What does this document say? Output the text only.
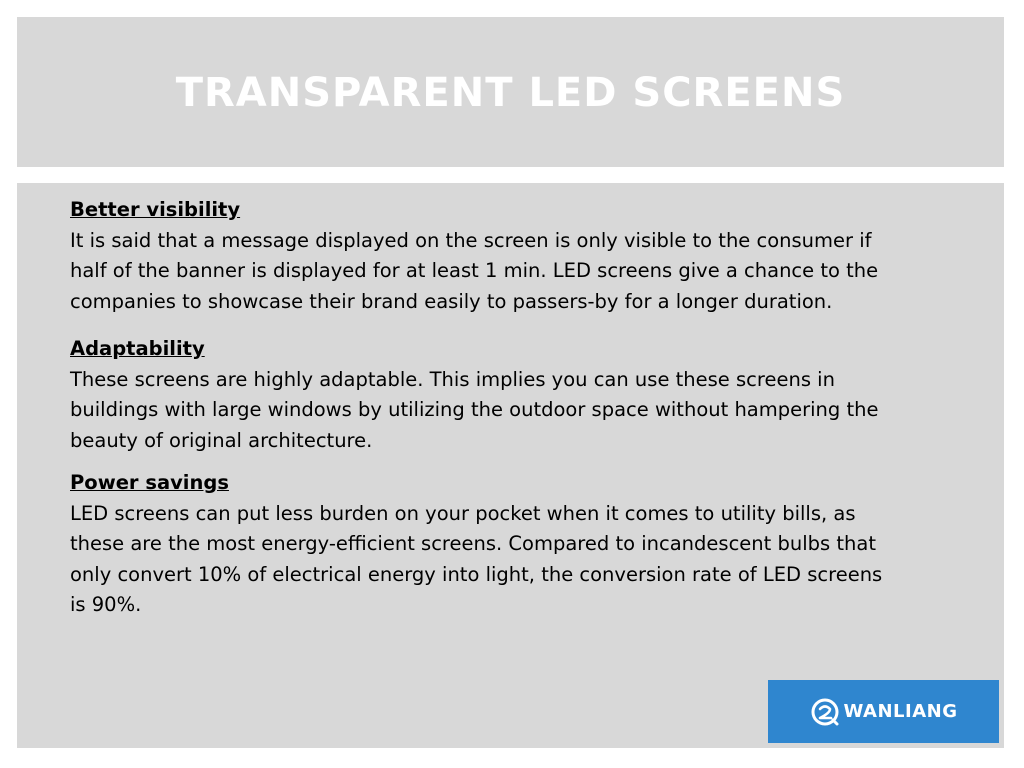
TRANSPARENT LED SCREENS
Better visibility
It is said that a message displayed on the screen is only visible to the consumer if half of the banner is displayed for at least 1 min. LED screens give a chance to the companies to showcase their brand easily to passers-by for a longer duration.
Adaptability
These screens are highly adaptable. This implies you can use these screens in buildings with large windows by utilizing the outdoor space without hampering the beauty of original architecture.
Power savings
LED screens can put less burden on your pocket when it comes to utility bills, as these are the most energy-efficient screens. Compared to incandescent bulbs that only convert 10% of electrical energy into light, the conversion rate of LED screens is 90%.
WANLIANG
